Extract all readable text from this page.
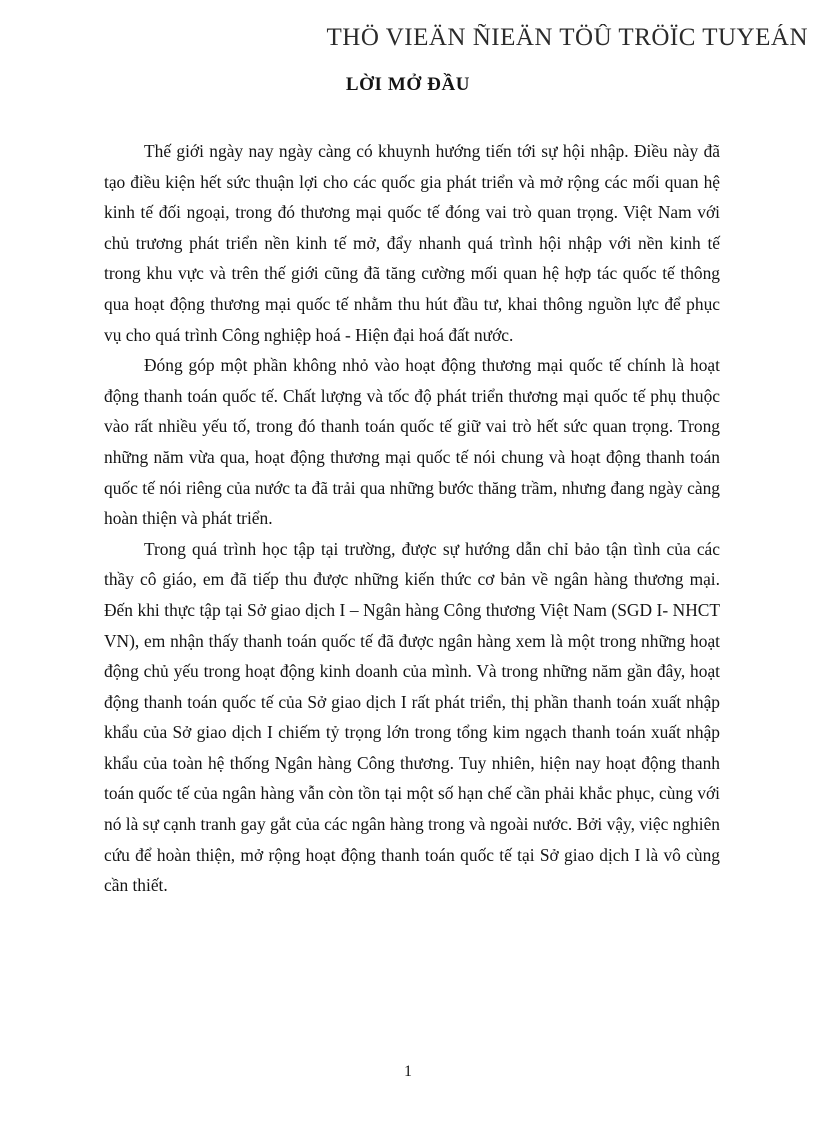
THÖ VIEÄN ÑIEÄN TÖÛ TRÖÏC TUYEÁN
LỜI MỞ ĐẦU

Thế giới ngày nay ngày càng có khuynh hướng tiến tới sự hội nhập. Điều này đã tạo điều kiện hết sức thuận lợi cho các quốc gia phát triển và mở rộng các mối quan hệ kinh tế đối ngoại, trong đó thương mại quốc tế đóng vai trò quan trọng. Việt Nam với chủ trương phát triển nền kinh tế mở, đẩy nhanh quá trình hội nhập với nền kinh tế trong khu vực và trên thế giới cũng đã tăng cường mối quan hệ hợp tác quốc tế thông qua hoạt động thương mại quốc tế nhằm thu hút đầu tư, khai thông nguồn lực để phục vụ cho quá trình Công nghiệp hoá - Hiện đại hoá đất nước.

Đóng góp một phần không nhỏ vào hoạt động thương mại quốc tế chính là hoạt động thanh toán quốc tế. Chất lượng và tốc độ phát triển thương mại quốc tế phụ thuộc vào rất nhiều yếu tố, trong đó thanh toán quốc tế giữ vai trò hết sức quan trọng. Trong những năm vừa qua, hoạt động thương mại quốc tế nói chung và hoạt động thanh toán quốc tế nói riêng của nước ta đã trải qua những bước thăng trầm, nhưng đang ngày càng hoàn thiện và phát triển.

Trong quá trình học tập tại trường, được sự hướng dẫn chỉ bảo tận tình của các thầy cô giáo, em đã tiếp thu được những kiến thức cơ bản về ngân hàng thương mại. Đến khi thực tập tại Sở giao dịch I – Ngân hàng Công thương Việt Nam (SGD I- NHCT VN), em nhận thấy thanh toán quốc tế đã được ngân hàng xem là một trong những hoạt động chủ yếu trong hoạt động kinh doanh của mình. Và trong những năm gần đây, hoạt động thanh toán quốc tế của Sở giao dịch I rất phát triển, thị phần thanh toán xuất nhập khẩu của Sở giao dịch I chiếm tỷ trọng lớn trong tổng kim ngạch thanh toán xuất nhập khẩu của toàn hệ thống Ngân hàng Công thương. Tuy nhiên, hiện nay hoạt động thanh toán quốc tế của ngân hàng vẫn còn tồn tại một số hạn chế cần phải khắc phục, cùng với nó là sự cạnh tranh gay gắt của các ngân hàng trong và ngoài nước. Bởi vậy, việc nghiên cứu để hoàn thiện, mở rộng hoạt động thanh toán quốc tế tại Sở giao dịch I là vô cùng cần thiết.

1
